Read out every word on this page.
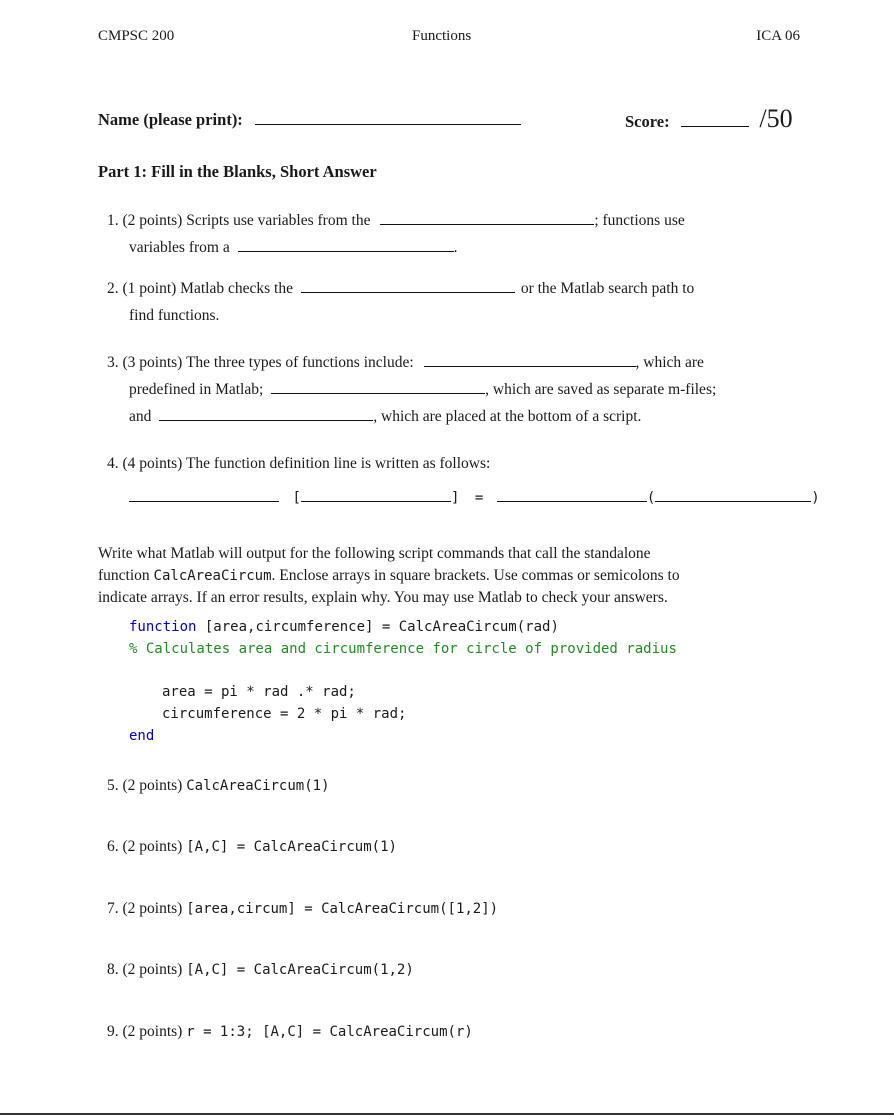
CMPSC 200	Functions	ICA 06
Name (please print):	Score:	/50
Part 1: Fill in the Blanks, Short Answer
1. (2 points) Scripts use variables from the	; functions use
variables from a	.
2. (1 point) Matlab checks the	or the Matlab search path to
find functions.
3. (3 points) The three types of functions include:	, which are
predefined in Matlab;	, which are saved as separate m-files;
and	, which are placed at the bottom of a script.
4. (4 points) The function definition line is written as follows:
[	] =	(	)
Write what Matlab will output for the following script commands that call the standalone
function CalcAreaCircum. Enclose arrays in square brackets. Use commas or semicolons to
indicate arrays. If an error results, explain why. You may use Matlab to check your answers.
function [area,circumference] = CalcAreaCircum(rad)
% Calculates area and circumference for circle of provided radius
area = pi * rad .* rad;
circumference = 2 * pi * rad;
end
5. (2 points) CalcAreaCircum(1)
6. (2 points) [A,C] = CalcAreaCircum(1)
7. (2 points) [area,circum] = CalcAreaCircum([1,2])
8. (2 points) [A,C] = CalcAreaCircum(1,2)
9. (2 points) r = 1:3; [A,C] = CalcAreaCircum(r)
